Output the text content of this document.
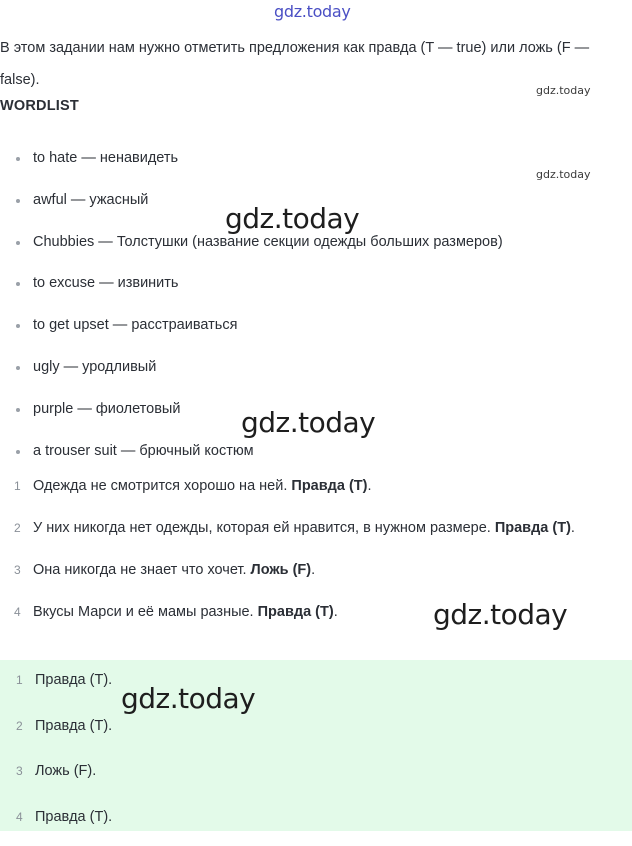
gdz.today
В этом задании нам нужно отметить предложения как правда (T — true) или ложь (F — false).
WORDLIST
to hate — ненавидеть
awful — ужасный
Chubbies — Толстушки (название секции одежды больших размеров)
to excuse — извинить
to get upset — расстраиваться
ugly — уродливый
purple — фиолетовый
a trouser suit — брючный костюм
1 Одежда не смотрится хорошо на ней. Правда (T).
2 У них никогда нет одежды, которая ей нравится, в нужном размере. Правда (T).
3 Она никогда не знает что хочет. Ложь (F).
4 Вкусы Марси и её мамы разные. Правда (T).
1 Правда (T).
2 Правда (T).
3 Ложь (F).
4 Правда (T).
gdz.today
gdz.today
gdz.today
gdz.today
gdz.today
gdz.today
